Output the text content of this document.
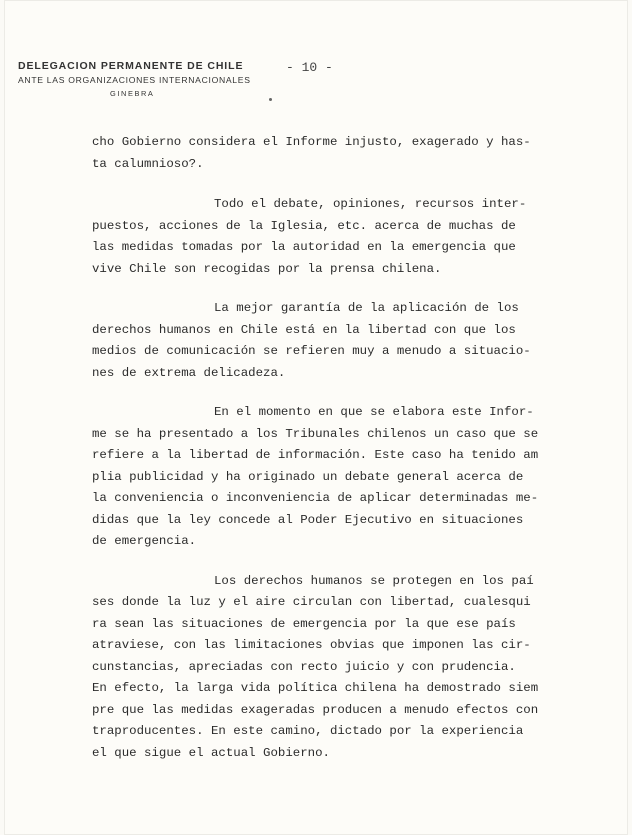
DELEGACION PERMANENTE DE CHILE
ANTE LAS ORGANIZACIONES INTERNACIONALES
GINEBRA
- 10 -
cho Gobierno considera el Informe injusto, exagerado y has-
ta calumnioso?.
Todo el debate, opiniones, recursos inter-
puestos, acciones de la Iglesia, etc. acerca de muchas de
las medidas tomadas por la autoridad en la emergencia que
vive Chile son recogidas por la prensa chilena.
La mejor garantía de la aplicación de los
derechos humanos en Chile está en la libertad con que los
medios de comunicación se refieren muy a menudo a situacio-
nes de extrema delicadeza.
En el momento en que se elabora este Infor-
me se ha presentado a los Tribunales chilenos un caso que se
refiere a la libertad de información. Este caso ha tenido am
plia publicidad y ha originado un debate general acerca de
la conveniencia o inconveniencia de aplicar determinadas me-
didas que la ley concede al Poder Ejecutivo en situaciones
de emergencia.
Los derechos humanos se protegen en los paí
ses donde la luz y el aire circulan con libertad, cualesqui
ra sean las situaciones de emergencia por la que ese país
atraviese, con las limitaciones obvias que imponen las cir-
cunstancias, apreciadas con recto juicio y con prudencia.
En efecto, la larga vida política chilena ha demostrado siem
pre que las medidas exageradas producen a menudo efectos con
traproducentes. En este camino, dictado por la experiencia
el que sigue el actual Gobierno.
